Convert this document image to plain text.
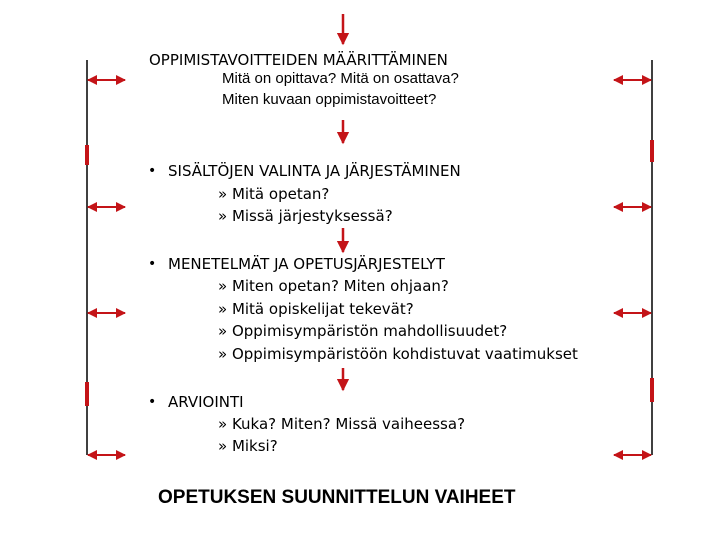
OPPIMISTAVOITTEIDEN MÄÄRITTÄMINEN
Mitä on opittava? Mitä on osattava?
Miten kuvaan oppimistavoitteet?
• SISÄLTÖJEN VALINTA JA JÄRJESTÄMINEN
» Mitä opetan?
» Missä järjestyksessä?
• MENETELMÄT JA OPETUSJÄRJESTELYT
» Miten opetan? Miten ohjaan?
» Mitä opiskelijat tekevät?
» Oppimisympäristön mahdollisuudet?
» Oppimisympäristöön kohdistuvat vaatimukset
• ARVIOINTI
» Kuka? Miten? Missä vaiheessa?
» Miksi?
OPETUKSEN SUUNNITTELUN VAIHEET
